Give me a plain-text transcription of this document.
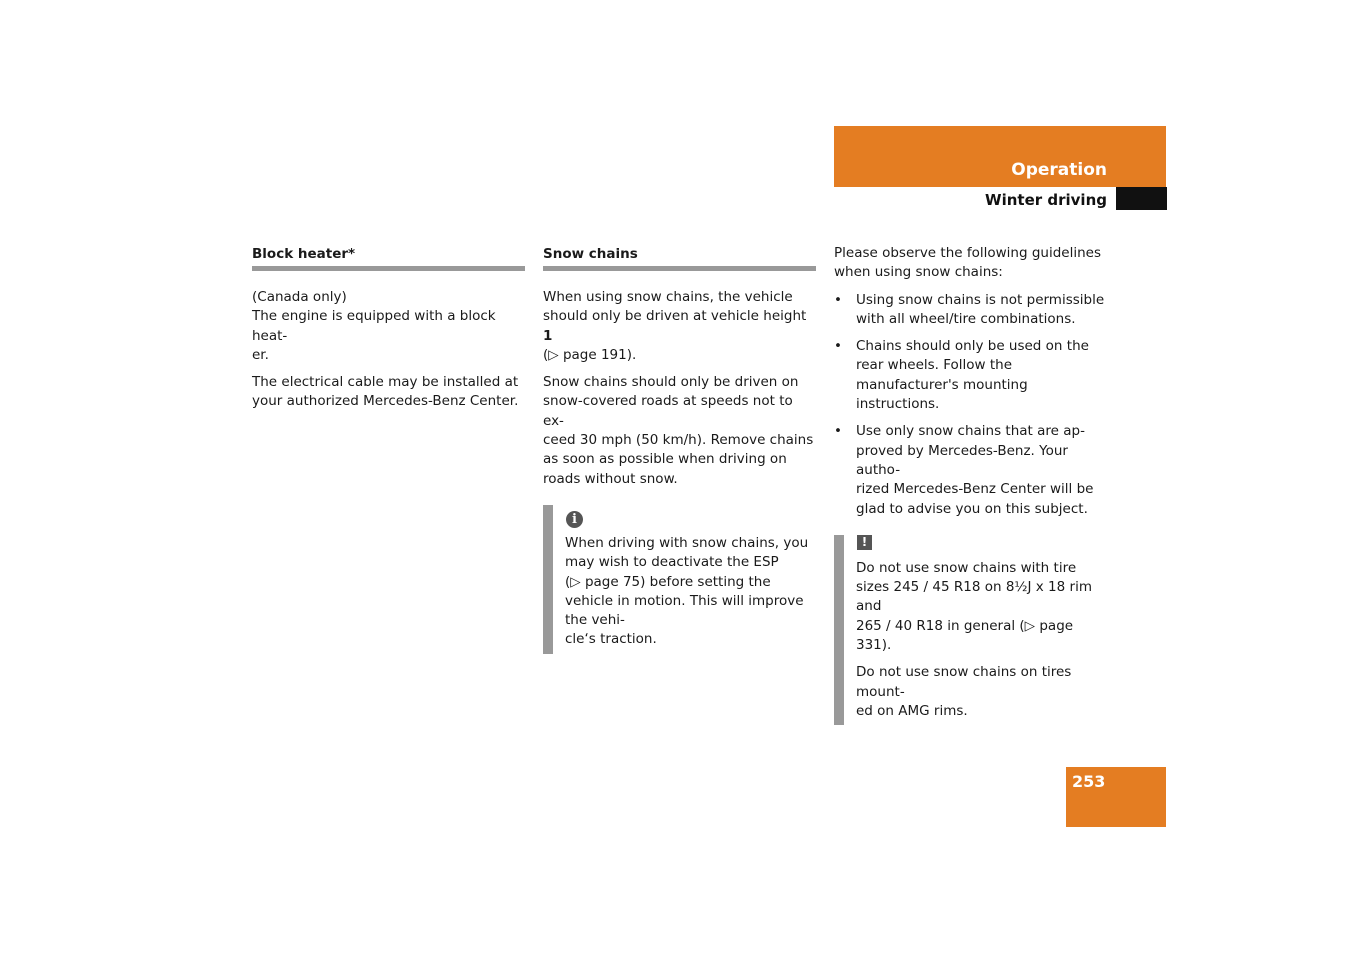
Operation
Winter driving
Block heater*

(Canada only)
The engine is equipped with a block heat-
er.

The electrical cable may be installed at your authorized Mercedes-Benz Center.

Snow chains

When using snow chains, the vehicle should only be driven at vehicle height 1
(▷ page 191).

Snow chains should only be driven on snow-covered roads at speeds not to ex-
ceed 30 mph (50 km/h). Remove chains as soon as possible when driving on roads without snow.

i
When driving with snow chains, you may wish to deactivate the ESP
(▷ page 75) before setting the vehicle in motion. This will improve the vehi-
cle‘s traction.

Please observe the following guidelines when using snow chains:

• Using snow chains is not permissible with all wheel/tire combinations.
• Chains should only be used on the rear wheels. Follow the manufacturer's mounting instructions.
• Use only snow chains that are ap-
proved by Mercedes-Benz. Your autho-
rized Mercedes-Benz Center will be glad to advise you on this subject.
!

Do not use snow chains with tire sizes 245 / 45 R18 on 8½J x 18 rim and
265 / 40 R18 in general (▷ page 331).

Do not use snow chains on tires mount-
ed on AMG rims.

253
